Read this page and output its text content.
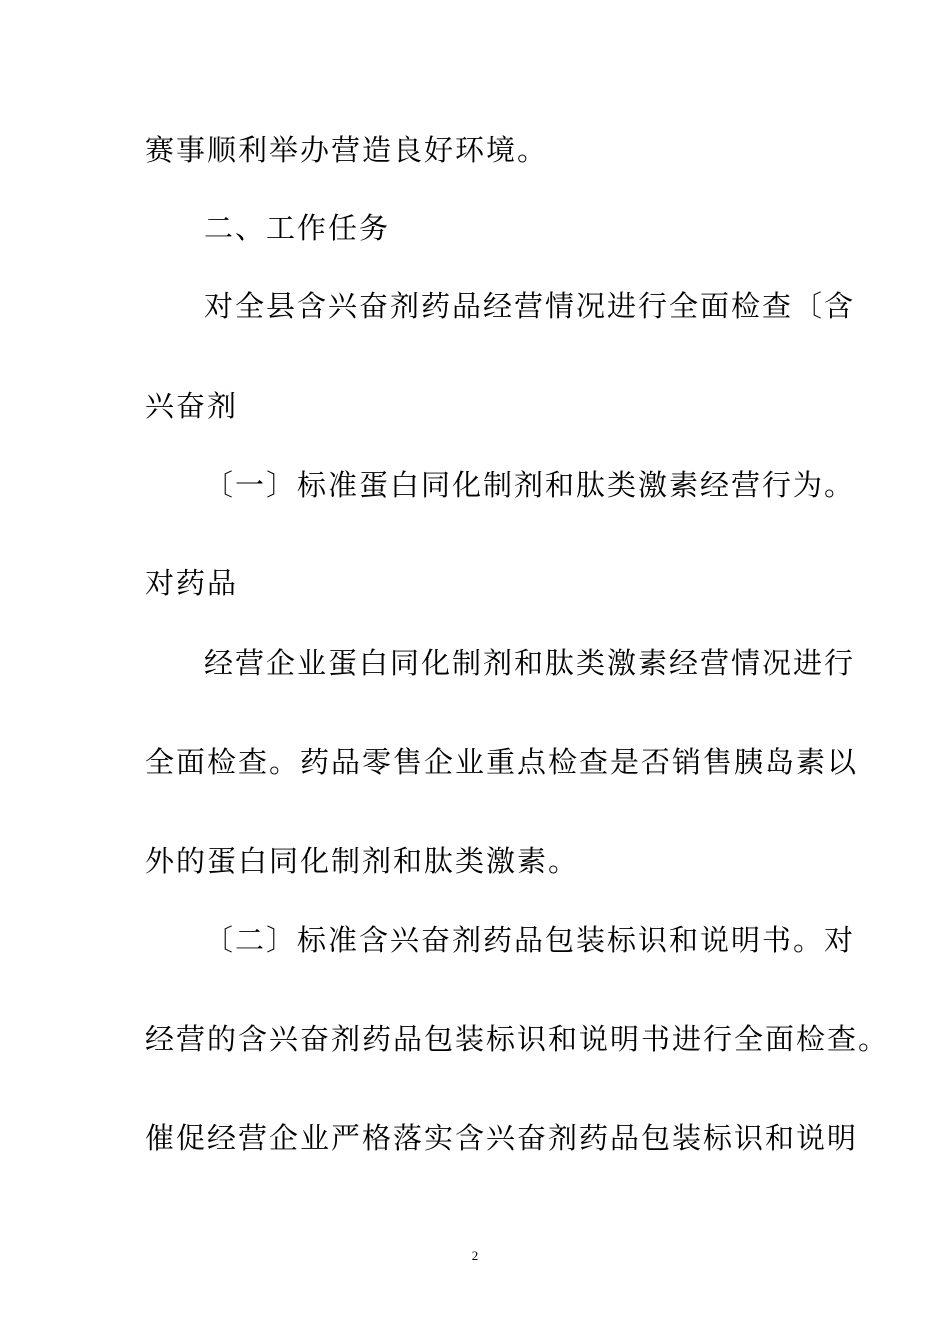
赛事顺利举办营造良好环境。
二、工作任务
对全县含兴奋剂药品经营情况进行全面检查〔含
兴奋剂
〔一〕标准蛋白同化制剂和肽类激素经营行为。
对药品
经营企业蛋白同化制剂和肽类激素经营情况进行
全面检查。药品零售企业重点检查是否销售胰岛素以
外的蛋白同化制剂和肽类激素。
〔二〕标准含兴奋剂药品包装标识和说明书。对
经营的含兴奋剂药品包装标识和说明书进行全面检查。
催促经营企业严格落实含兴奋剂药品包装标识和说明
2
